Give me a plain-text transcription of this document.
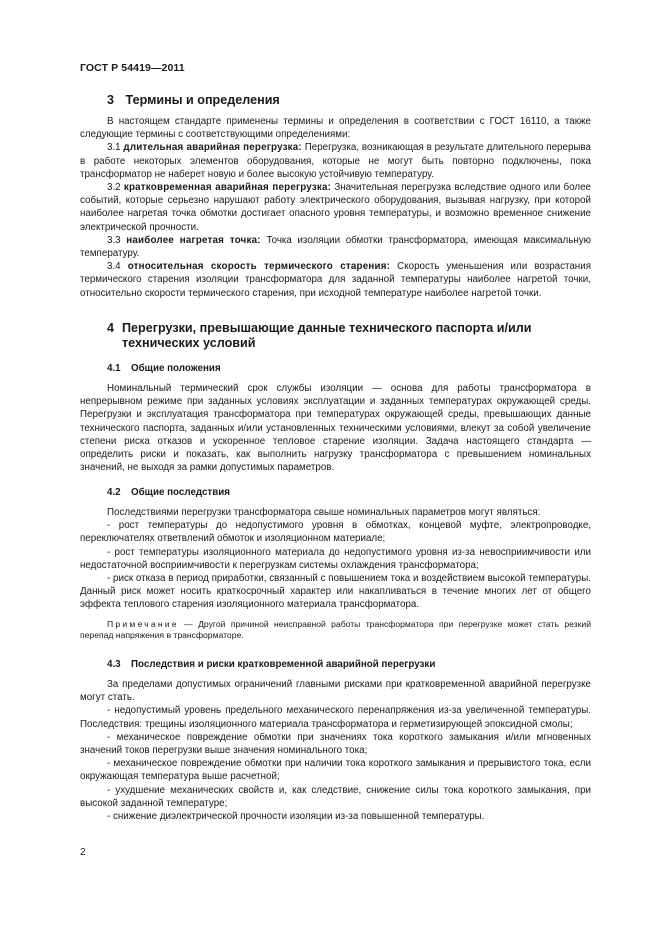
ГОСТ Р 54419—2011
3 Термины и определения

В настоящем стандарте применены термины и определения в соответствии с ГОСТ 16110, а также следующие термины с соответствующими определениями:

3.1 длительная аварийная перегрузка: Перегрузка, возникающая в результате длительного перерыва в работе некоторых элементов оборудования, которые не могут быть повторно подключены, пока трансформатор не наберет новую и более высокую устойчивую температуру.

3.2 кратковременная аварийная перегрузка: Значительная перегрузка вследствие одного или более событий, которые серьезно нарушают работу электрического оборудования, вызывая нагрузку, при которой наиболее нагретая точка обмотки достигает опасного уровня температуры, и возможно временное снижение электрической прочности.

3.3 наиболее нагретая точка: Точка изоляции обмотки трансформатора, имеющая максимальную температуру.

3.4 относительная скорость термического старения: Скорость уменьшения или возрастания термического старения изоляции трансформатора для заданной температуры наиболее нагретой точки, относительно скорости термического старения, при исходной температуре наиболее нагретой точки.

4 Перегрузки, превышающие данные технического паспорта и/или
технических условий
4.1 Общие положения

Номинальный термический срок службы изоляции — основа для работы трансформатора в непрерывном режиме при заданных условиях эксплуатации и заданных температурах окружающей среды. Перегрузки и эксплуатация трансформатора при температурах окружающей среды, превышающих данные технического паспорта, заданных и/или установленных техническими условиями, влекут за собой увеличение степени риска отказов и ускоренное тепловое старение изоляции. Задача настоящего стандарта — определить риски и показать, как выполнить нагрузку трансформатора с превышением номинальных значений, не выходя за рамки допустимых параметров.

4.2 Общие последствия

Последствиями перегрузки трансформатора свыше номинальных параметров могут являться:

- рост температуры до недопустимого уровня в обмотках, концевой муфте, электропроводке, переключателях ответвлений обмоток и изоляционном материале;

- рост температуры изоляционного материала до недопустимого уровня из-за невосприимчивости или недостаточной восприимчивости к перегрузкам системы охлаждения трансформатора;

- риск отказа в период приработки, связанный с повышением тока и воздействием высокой температуры. Данный риск может носить краткосрочный характер или накапливаться в течение многих лет от общего эффекта теплового старения изоляционного материала трансформатора.

Примечание — Другой причиной неисправной работы трансформатора при перегрузке может стать резкий перепад напряжения в трансформаторе.

4.3 Последствия и риски кратковременной аварийной перегрузки

За пределами допустимых ограничений главными рисками при кратковременной аварийной перегрузке могут стать.

- недопустимый уровень предельного механического перенапряжения из-за увеличенной температуры. Последствия: трещины изоляционного материала трансформатора и герметизирующей эпоксидной смолы;

- механическое повреждение обмотки при значениях тока короткого замыкания и/или мгновенных значений токов перегрузки выше значения номинального тока;

- механическое повреждение обмотки при наличии тока короткого замыкания и прерывистого тока, если окружающая температура выше расчетной;

- ухудшение механических свойств и, как следствие, снижение силы тока короткого замыкания, при высокой заданной температуре;

- снижение диэлектрической прочности изоляции из-за повышенной температуры.

2
